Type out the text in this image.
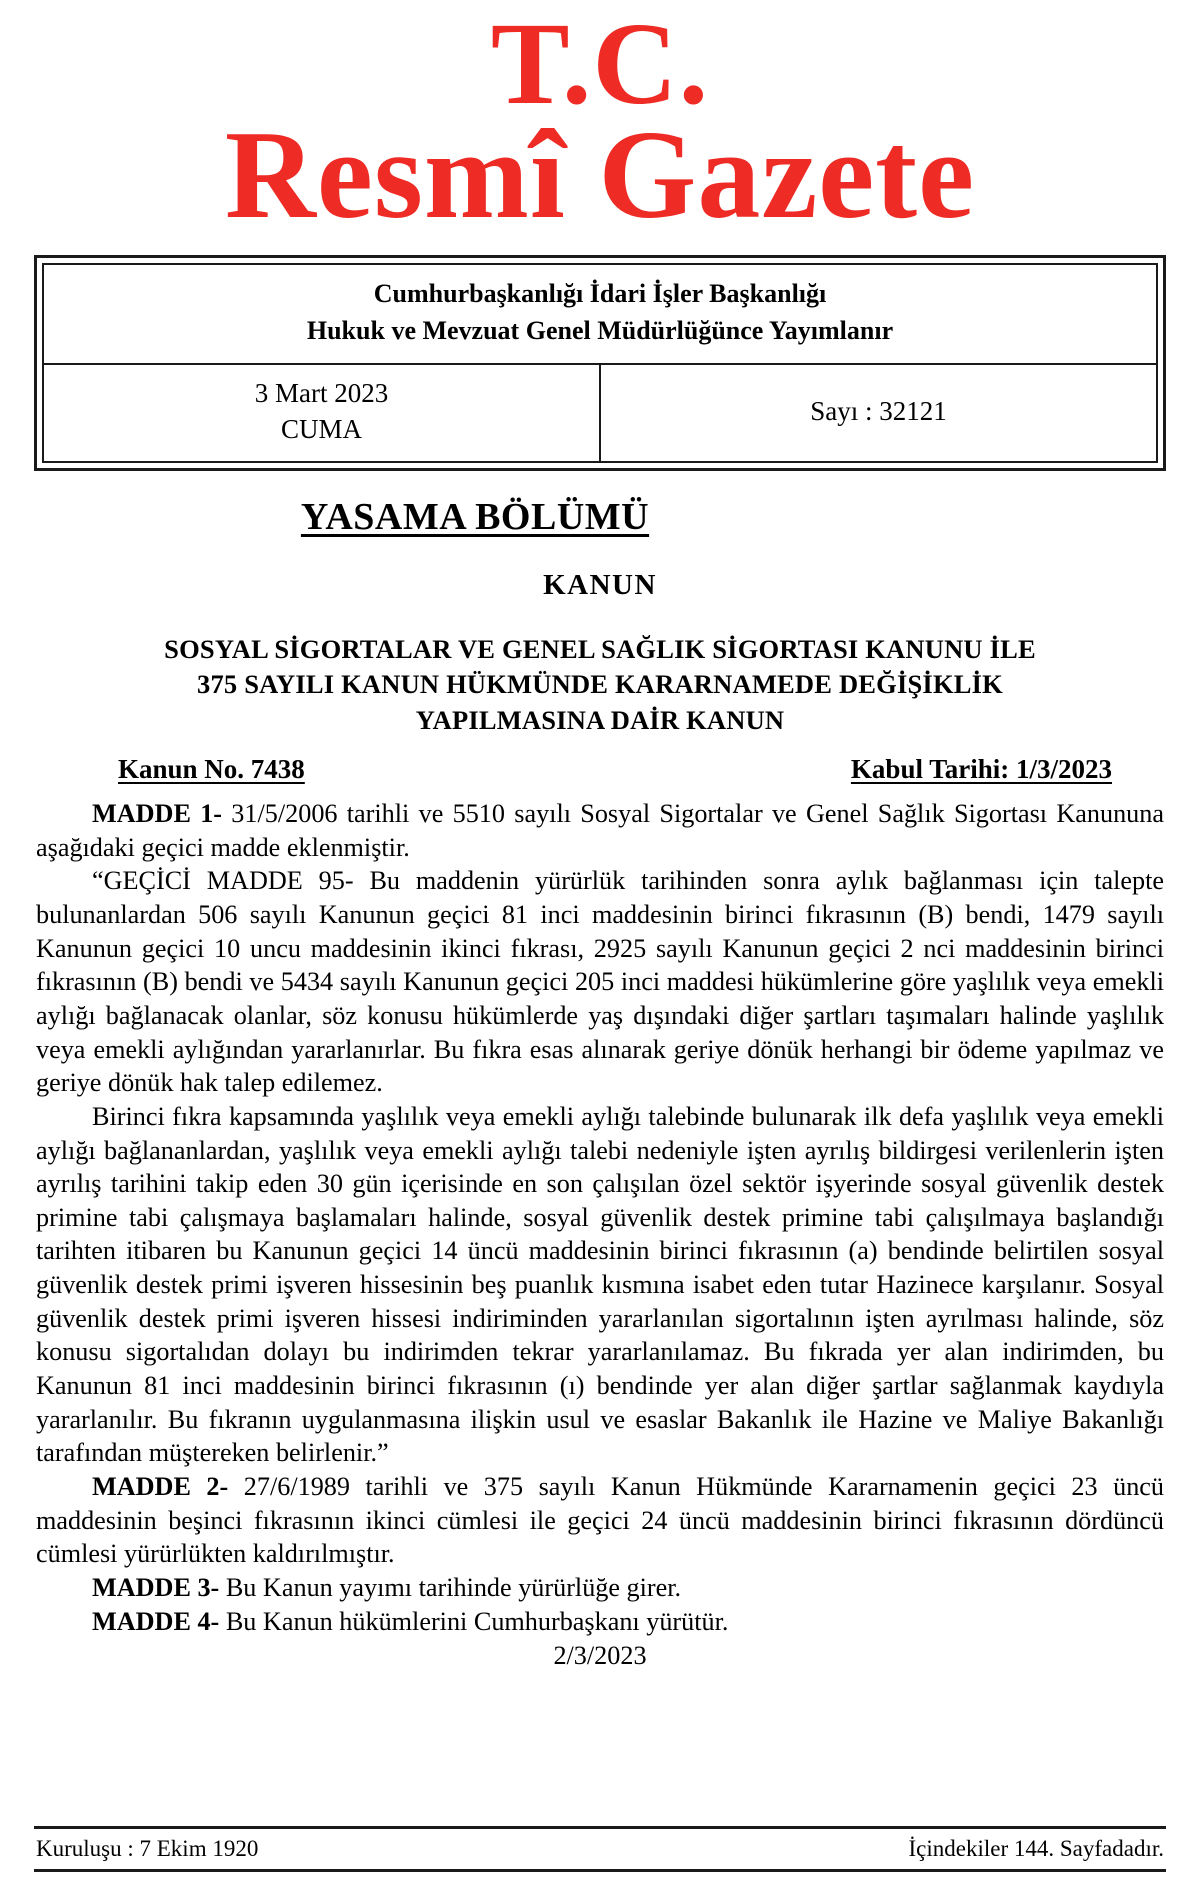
T.C.
Resmî Gazete
Cumhurbaşkanlığı İdari İşler Başkanlığı
Hukuk ve Mevzuat Genel Müdürlüğünce Yayımlanır
3 Mart 2023
CUMA
Sayı : 32121
YASAMA BÖLÜMÜ
KANUN
SOSYAL SİGORTALAR VE GENEL SAĞLIK SİGORTASI KANUNU İLE
375 SAYILI KANUN HÜKMÜNDE KARARNAMEDE DEĞİŞİKLİK
YAPILMASINA DAİR KANUN
Kanun No. 7438	Kabul Tarihi: 1/3/2023

MADDE 1- 31/5/2006 tarihli ve 5510 sayılı Sosyal Sigortalar ve Genel Sağlık Sigortası Kanununa aşağıdaki geçici madde eklenmiştir.

“GEÇİCİ MADDE 95- Bu maddenin yürürlük tarihinden sonra aylık bağlanması için talepte bulunanlardan 506 sayılı Kanunun geçici 81 inci maddesinin birinci fıkrasının (B) bendi, 1479 sayılı Kanunun geçici 10 uncu maddesinin ikinci fıkrası, 2925 sayılı Kanunun geçici 2 nci maddesinin birinci fıkrasının (B) bendi ve 5434 sayılı Kanunun geçici 205 inci maddesi hükümlerine göre yaşlılık veya emekli aylığı bağlanacak olanlar, söz konusu hükümlerde yaş dışındaki diğer şartları taşımaları halinde yaşlılık veya emekli aylığından yararlanırlar. Bu fıkra esas alınarak geriye dönük herhangi bir ödeme yapılmaz ve geriye dönük hak talep edilemez.

Birinci fıkra kapsamında yaşlılık veya emekli aylığı talebinde bulunarak ilk defa yaşlılık veya emekli aylığı bağlananlardan, yaşlılık veya emekli aylığı talebi nedeniyle işten ayrılış bildirgesi verilenlerin işten ayrılış tarihini takip eden 30 gün içerisinde en son çalışılan özel sektör işyerinde sosyal güvenlik destek primine tabi çalışmaya başlamaları halinde, sosyal güvenlik destek primine tabi çalışılmaya başlandığı tarihten itibaren bu Kanunun geçici 14 üncü maddesinin birinci fıkrasının (a) bendinde belirtilen sosyal güvenlik destek primi işveren hissesinin beş puanlık kısmına isabet eden tutar Hazinece karşılanır. Sosyal güvenlik destek primi işveren hissesi indiriminden yararlanılan sigortalının işten ayrılması halinde, söz konusu sigortalıdan dolayı bu indirimden tekrar yararlanılamaz. Bu fıkrada yer alan indirimden, bu Kanunun 81 inci maddesinin birinci fıkrasının (ı) bendinde yer alan diğer şartlar sağlanmak kaydıyla yararlanılır. Bu fıkranın uygulanmasına ilişkin usul ve esaslar Bakanlık ile Hazine ve Maliye Bakanlığı tarafından müştereken belirlenir.”

MADDE 2- 27/6/1989 tarihli ve 375 sayılı Kanun Hükmünde Kararnamenin geçici 23 üncü maddesinin beşinci fıkrasının ikinci cümlesi ile geçici 24 üncü maddesinin birinci fıkrasının dördüncü cümlesi yürürlükten kaldırılmıştır.

MADDE 3- Bu Kanun yayımı tarihinde yürürlüğe girer.

MADDE 4- Bu Kanun hükümlerini Cumhurbaşkanı yürütür.

2/3/2023
Kuruluşu : 7 Ekim 1920	İçindekiler 144. Sayfadadır.
